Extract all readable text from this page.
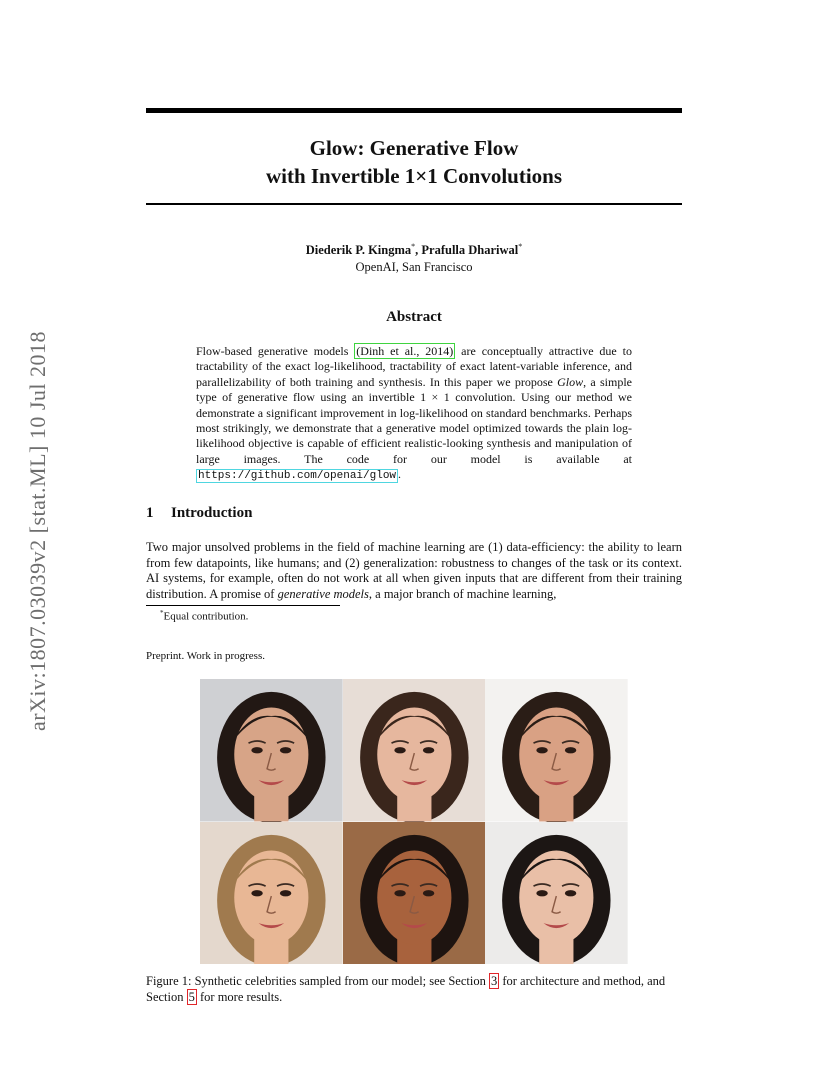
arXiv:1807.03039v2 [stat.ML] 10 Jul 2018
Glow: Generative Flow
with Invertible 1×1 Convolutions
Diederik P. Kingma*, Prafulla Dhariwal*
OpenAI, San Francisco
Abstract
Flow-based generative models (Dinh et al., 2014) are conceptually attractive due to tractability of the exact log-likelihood, tractability of exact latent-variable inference, and parallelizability of both training and synthesis. In this paper we propose Glow, a simple type of generative flow using an invertible 1 × 1 convolution. Using our method we demonstrate a significant improvement in log-likelihood on standard benchmarks. Perhaps most strikingly, we demonstrate that a generative model optimized towards the plain log-likelihood objective is capable of efficient realistic-looking synthesis and manipulation of large images. The code for our model is available at https://github.com/openai/glow .
1 Introduction
Two major unsolved problems in the field of machine learning are (1) data-efficiency: the ability to learn from few datapoints, like humans; and (2) generalization: robustness to changes of the task or its context. AI systems, for example, often do not work at all when given inputs that are different from their training distribution. A promise of generative models, a major branch of machine learning,
*Equal contribution.
Preprint. Work in progress.
Figure 1: Synthetic celebrities sampled from our model; see Section 3 for architecture and method, and Section 5 for more results.
